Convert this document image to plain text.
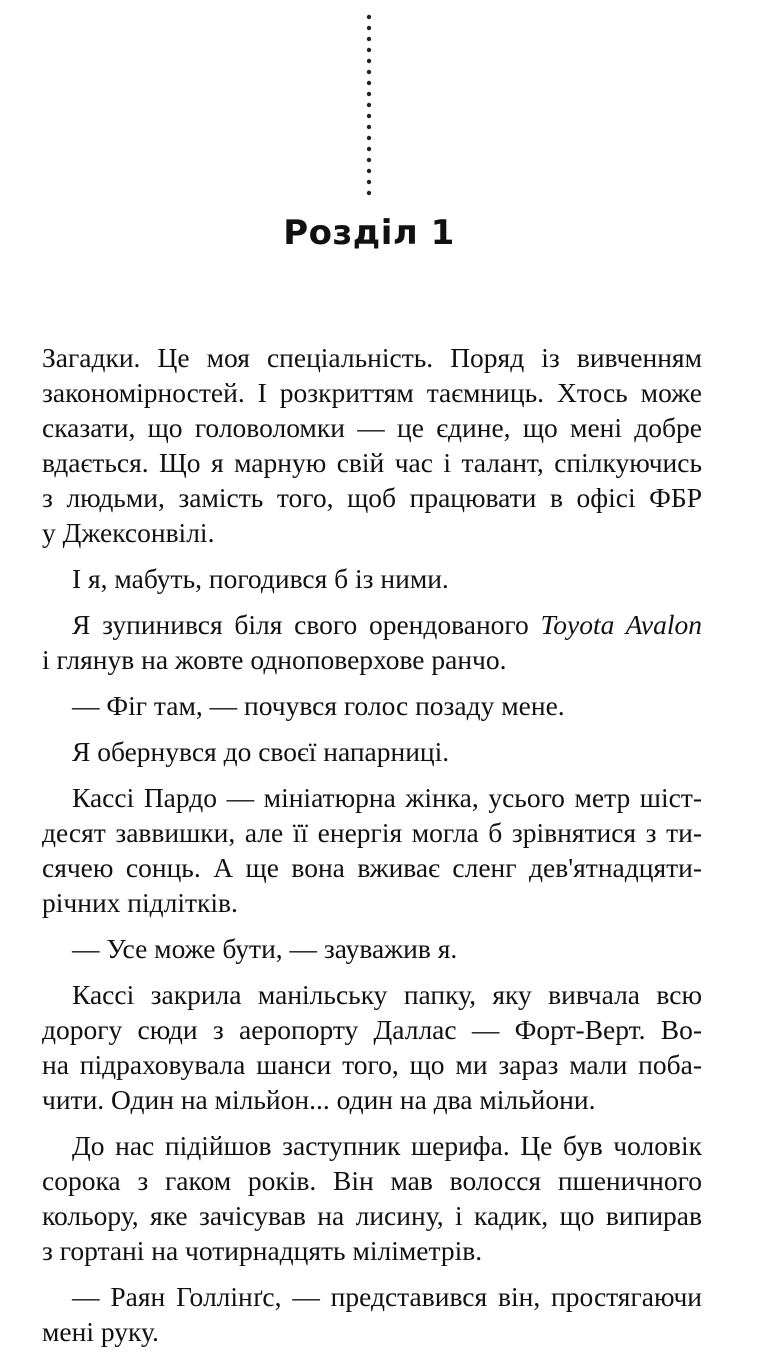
Розділ 1

Загадки. Це моя спеціальність. Поряд із вивченням
закономірностей. І розкриттям таємниць. Хтось може
сказати, що головоломки — це єдине, що мені добре
вдається. Що я марную свій час і талант, спілкуючись
з людьми, замість того, щоб працювати в офісі ФБР
у Джексонвілі.

І я, мабуть, погодився б із ними.

Я зупинився біля свого орендованого Toyota Avalon
і глянув на жовте одноповерхове ранчо.

— Фіг там, — почувся голос позаду мене.

Я обернувся до своєї напарниці.

Кассі Пардо — мініатюрна жінка, усього метр шіст-
десят заввишки, але її енергія могла б зрівнятися з ти-
сячею сонць. А ще вона вживає сленг дев'ятнадцяти-
річних підлітків.

— Усе може бути, — зауважив я.

Кассі закрила манільську папку, яку вивчала всю
дорогу сюди з аеропорту Даллас — Форт-Верт. Во-
на підраховувала шанси того, що ми зараз мали поба-
чити. Один на мільйон... один на два мільйони.

До нас підійшов заступник шерифа. Це був чоловік
сорока з гаком років. Він мав волосся пшеничного
кольору, яке зачісував на лисину, і кадик, що випирав
з гортані на чотирнадцять міліметрів.

— Раян Голлінґс, — представився він, простягаючи
мені руку.
